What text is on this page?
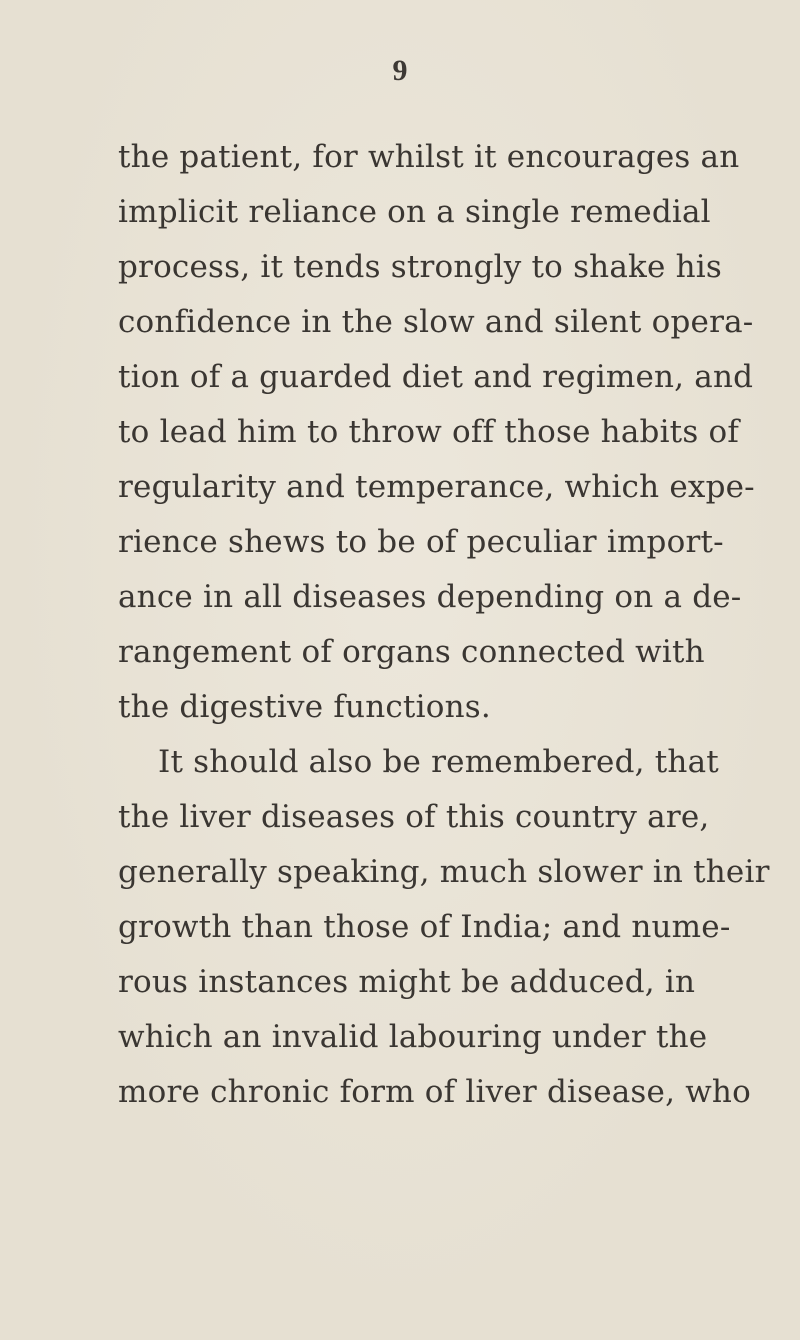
9
the patient, for whilst it encourages an
implicit reliance on a single remedial
process, it tends strongly to shake his
confidence in the slow and silent opera-
tion of a guarded diet and regimen, and
to lead him to throw off those habits of
regularity and temperance, which expe-
rience shews to be of peculiar import-
ance in all diseases depending on a de-
rangement of organs connected with
the digestive functions.
It should also be remembered, that
the liver diseases of this country are,
generally speaking, much slower in their
growth than those of India; and nume-
rous instances might be adduced, in
which an invalid labouring under the
more chronic form of liver disease, who
